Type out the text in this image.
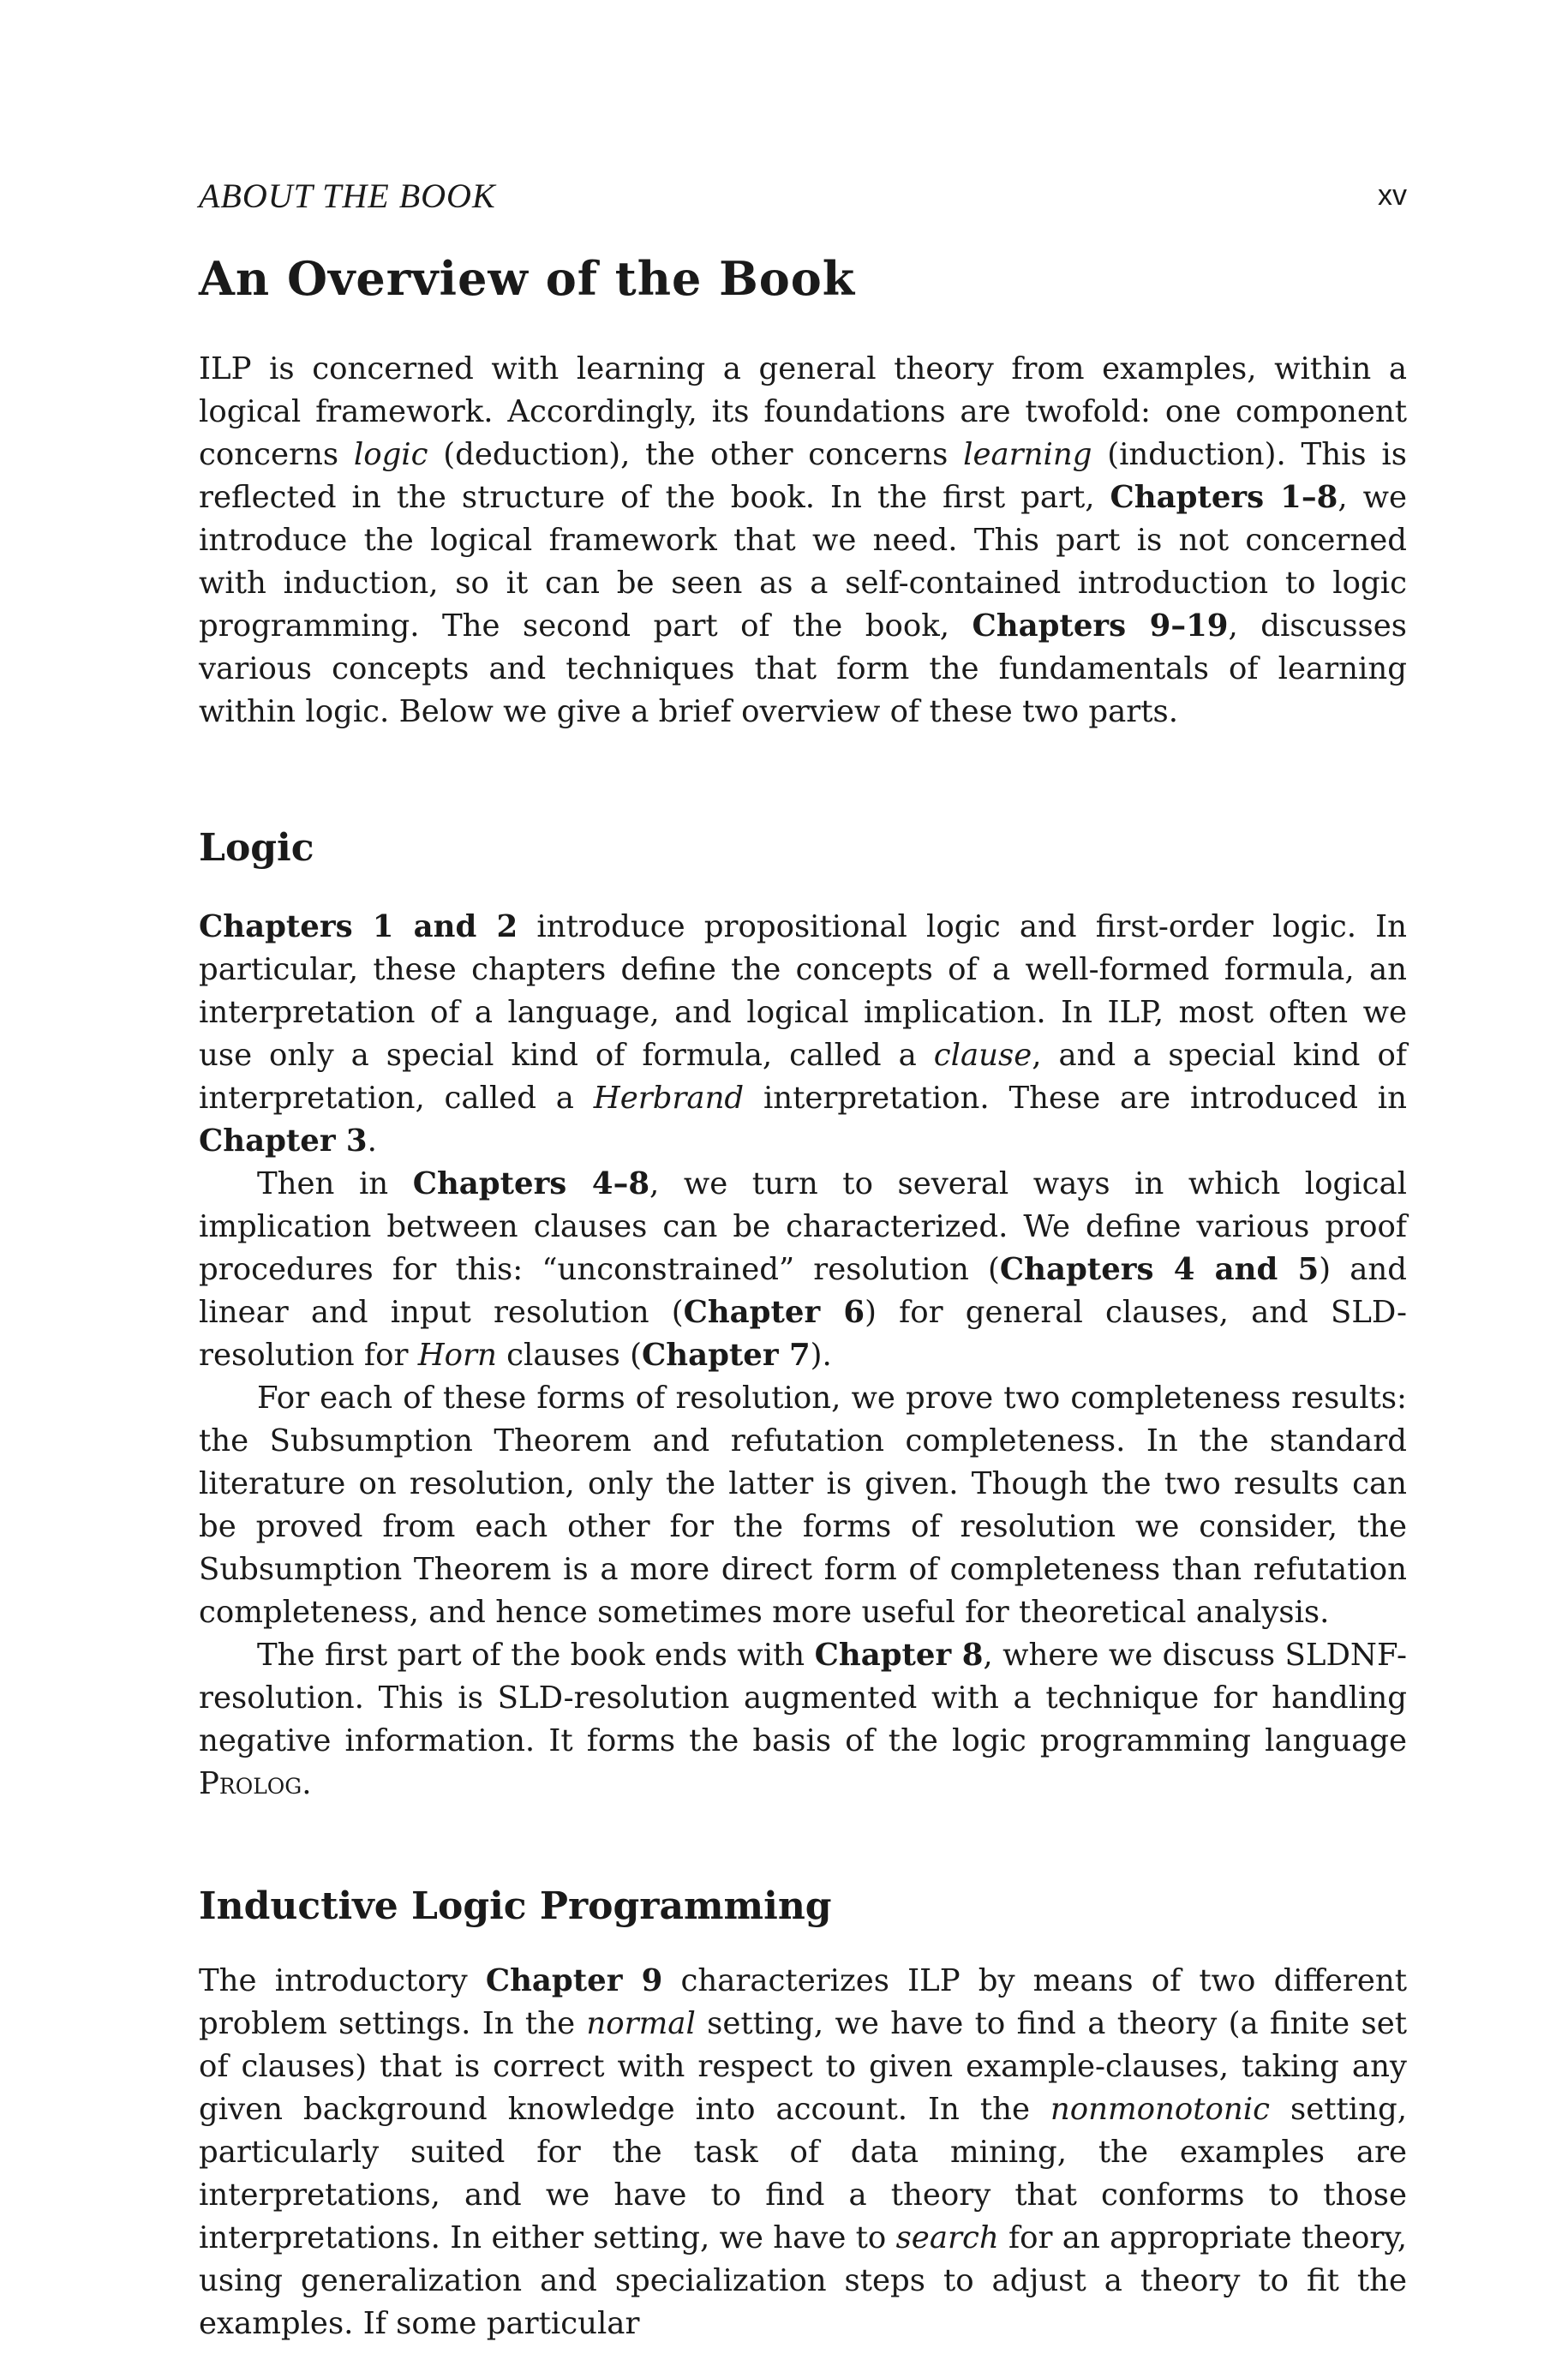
ABOUT THE BOOK	xv
An Overview of the Book

ILP is concerned with learning a general theory from examples, within a logical framework. Accordingly, its foundations are twofold: one component concerns logic (deduction), the other concerns learning (induction). This is reflected in the structure of the book. In the first part, Chapters 1–8, we introduce the logical framework that we need. This part is not concerned with induction, so it can be seen as a self-contained introduction to logic programming. The second part of the book, Chapters 9–19, discusses various concepts and techniques that form the fundamentals of learning within logic. Below we give a brief overview of these two parts.

Logic

Chapters 1 and 2 introduce propositional logic and first-order logic. In particular, these chapters define the concepts of a well-formed formula, an interpretation of a language, and logical implication. In ILP, most often we use only a special kind of formula, called a clause, and a special kind of interpretation, called a Herbrand interpretation. These are introduced in Chapter 3.

Then in Chapters 4–8, we turn to several ways in which logical implication between clauses can be characterized. We define various proof procedures for this: “unconstrained” resolution (Chapters 4 and 5) and linear and input resolution (Chapter 6) for general clauses, and SLD-resolution for Horn clauses (Chapter 7).

For each of these forms of resolution, we prove two completeness results: the Subsumption Theorem and refutation completeness. In the standard literature on resolution, only the latter is given. Though the two results can be proved from each other for the forms of resolution we consider, the Subsumption Theorem is a more direct form of completeness than refutation completeness, and hence sometimes more useful for theoretical analysis.

The first part of the book ends with Chapter 8, where we discuss SLDNF-resolution. This is SLD-resolution augmented with a technique for handling negative information. It forms the basis of the logic programming language Prolog.

Inductive Logic Programming

The introductory Chapter 9 characterizes ILP by means of two different problem settings. In the normal setting, we have to find a theory (a finite set of clauses) that is correct with respect to given example-clauses, taking any given background knowledge into account. In the nonmonotonic setting, particularly suited for the task of data mining, the examples are interpretations, and we have to find a theory that conforms to those interpretations. In either setting, we have to search for an appropriate theory, using generalization and specialization steps to adjust a theory to fit the examples. If some particular
